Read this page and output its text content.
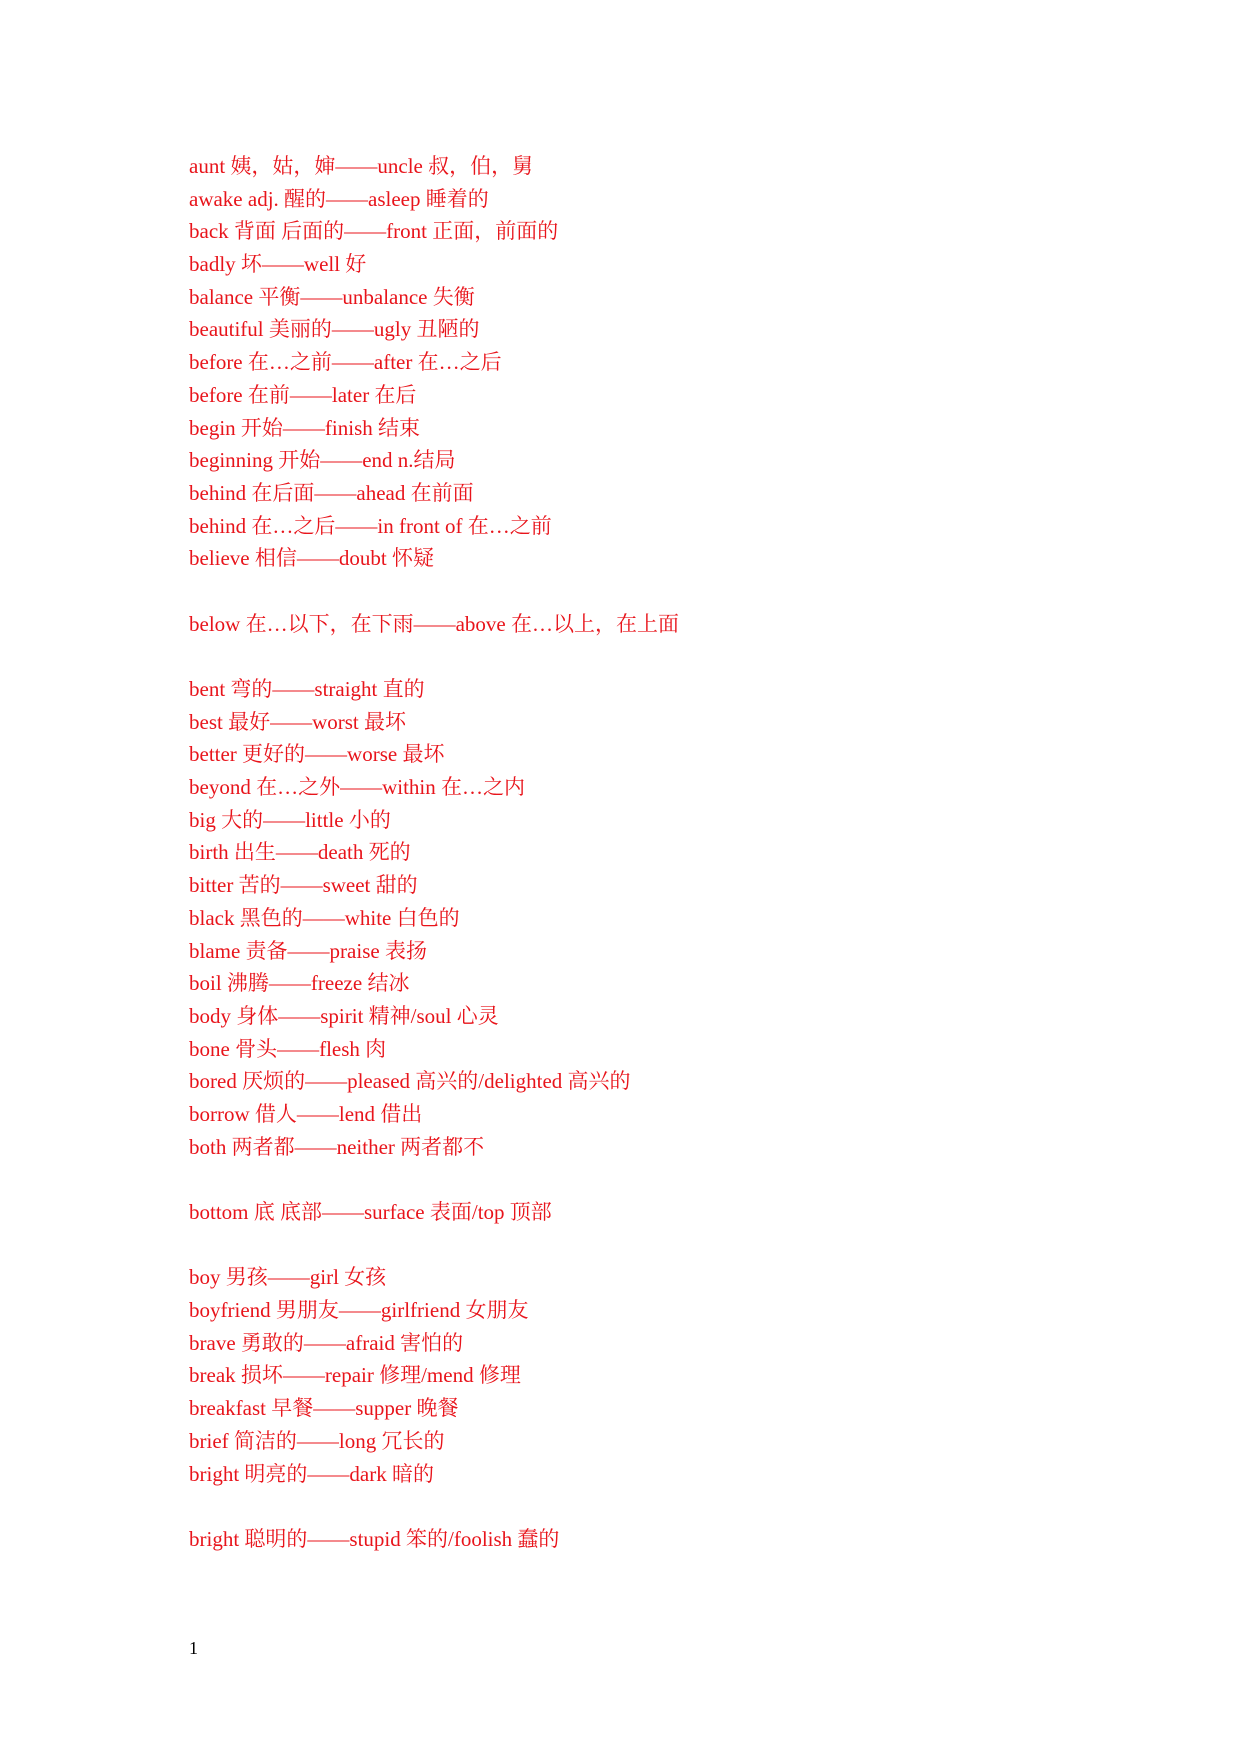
aunt 姨，姑，婶——uncle 叔，伯，舅
awake adj. 醒的——asleep 睡着的
back 背面 后面的——front 正面，前面的
badly 坏——well 好
balance 平衡——unbalance 失衡
beautiful 美丽的——ugly 丑陋的
before 在…之前——after 在…之后
before 在前——later 在后
begin 开始——finish 结束
beginning 开始——end n.结局
behind 在后面——ahead 在前面
behind 在…之后——in front of 在…之前
believe 相信——doubt 怀疑
below 在…以下，在下雨——above 在…以上，在上面
bent 弯的——straight 直的
best 最好——worst 最坏
better 更好的——worse 最坏
beyond 在…之外——within 在…之内
big 大的——little 小的
birth 出生——death 死的
bitter 苦的——sweet 甜的
black 黑色的——white 白色的
blame 责备——praise 表扬
boil 沸腾——freeze 结冰
body 身体——spirit 精神/soul 心灵
bone 骨头——flesh 肉
bored 厌烦的——pleased 高兴的/delighted 高兴的
borrow 借人——lend 借出
both 两者都——neither 两者都不
bottom 底 底部——surface 表面/top 顶部
boy 男孩——girl 女孩
boyfriend 男朋友——girlfriend 女朋友
brave 勇敢的——afraid 害怕的
break 损坏——repair 修理/mend 修理
breakfast 早餐——supper 晚餐
brief 简洁的——long 冗长的
bright 明亮的——dark 暗的
bright 聪明的——stupid 笨的/foolish 蠢的
1
